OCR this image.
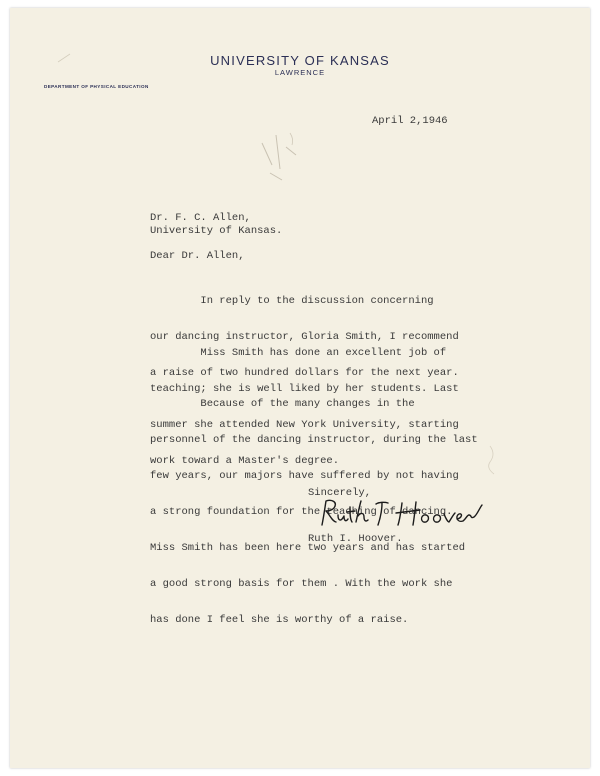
UNIVERSITY OF KANSAS
LAWRENCE
DEPARTMENT OF PHYSICAL EDUCATION
April 2,1946
Dr. F. C. Allen,
University of Kansas.
Dear Dr. Allen,

In reply to the discussion concerning

our dancing instructor, Gloria Smith, I recommend

a raise of two hundred dollars for the next year.

Miss Smith has done an excellent job of

teaching; she is well liked by her students. Last

summer she attended New York University, starting

work toward a Master's degree.

Because of the many changes in the

personnel of the dancing instructor, during the last

few years, our majors have suffered by not having

a strong foundation for the teaching of dancing.

Miss Smith has been here two years and has started

a good strong basis for them . With the work she

has done I feel she is worthy of a raise.

Sincerely,
Ruth I. Hoover.
